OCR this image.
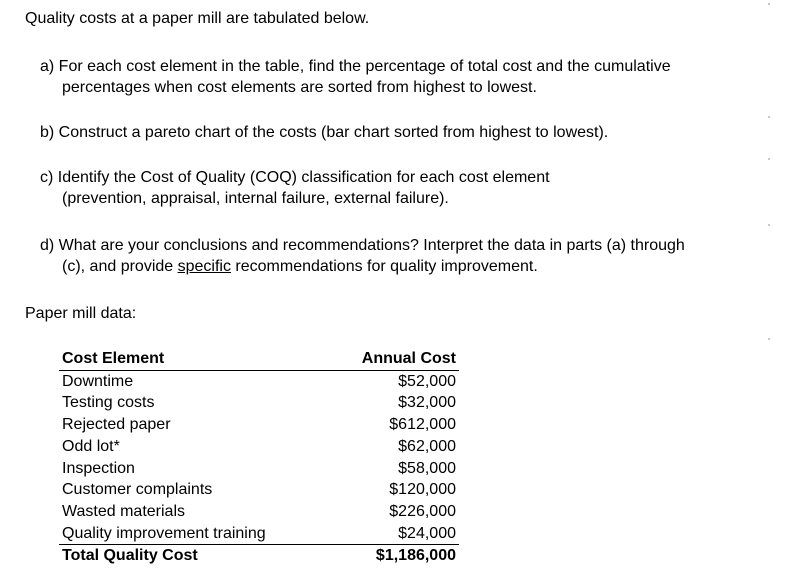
Quality costs at a paper mill are tabulated below.

a) For each cost element in the table, find the percentage of total cost and the cumulative
percentages when cost elements are sorted from highest to lowest.
b) Construct a pareto chart of the costs (bar chart sorted from highest to lowest).
c) Identify the Cost of Quality (COQ) classification for each cost element
(prevention, appraisal, internal failure, external failure).
d) What are your conclusions and recommendations? Interpret the data in parts (a) through
(c), and provide specific recommendations for quality improvement.
Paper mill data:
Cost Element	Annual Cost
Downtime	$52,000
Testing costs	$32,000
Rejected paper	$612,000
Odd lot*	$62,000
Inspection	$58,000
Customer complaints	$120,000
Wasted materials	$226,000
Quality improvement training	$24,000
Total Quality Cost	$1,186,000
